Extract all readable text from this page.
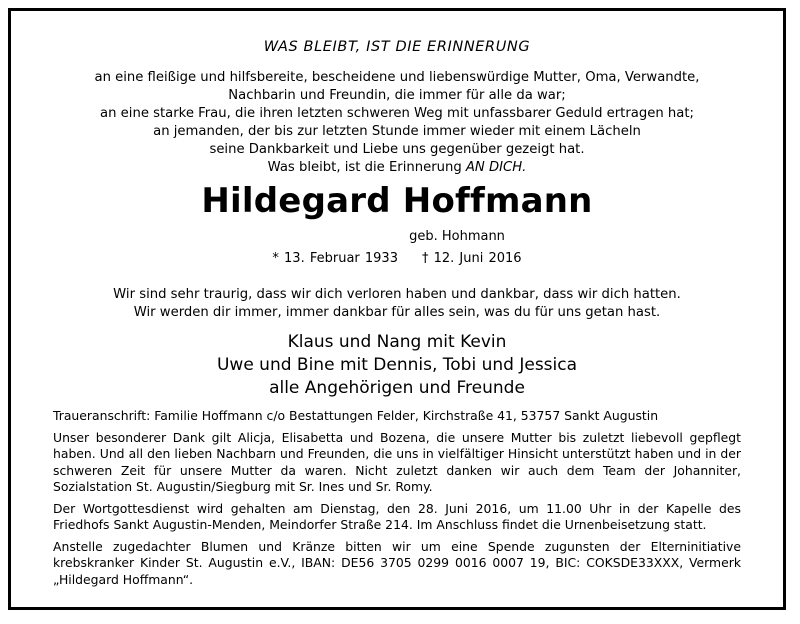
WAS BLEIBT, IST DIE ERINNERUNG
an eine fleißige und hilfsbereite, bescheidene und liebenswürdige Mutter, Oma, Verwandte,
Nachbarin und Freundin, die immer für alle da war;
an eine starke Frau, die ihren letzten schweren Weg mit unfassbarer Geduld ertragen hat;
an jemanden, der bis zur letzten Stunde immer wieder mit einem Lächeln
seine Dankbarkeit und Liebe uns gegenüber gezeigt hat.
Was bleibt, ist die Erinnerung AN DICH.
Hildegard Hoffmann
geb. Hohmann
* 13. Februar 1933 † 12. Juni 2016
Wir sind sehr traurig, dass wir dich verloren haben und dankbar, dass wir dich hatten.
Wir werden dir immer, immer dankbar für alles sein, was du für uns getan hast.
Klaus und Nang mit Kevin
Uwe und Bine mit Dennis, Tobi und Jessica
alle Angehörigen und Freunde

Traueranschrift: Familie Hoffmann c/o Bestattungen Felder, Kirchstraße 41, 53757 Sankt Augustin

Unser besonderer Dank gilt Alicja, Elisabetta und Bozena, die unsere Mutter bis zuletzt liebevoll gepflegt haben. Und all den lieben Nachbarn und Freunden, die uns in vielfältiger Hinsicht unterstützt haben und in der schweren Zeit für unsere Mutter da waren. Nicht zuletzt danken wir auch dem Team der Johanniter, Sozialstation St. Augustin/Siegburg mit Sr. Ines und Sr. Romy.

Der Wortgottesdienst wird gehalten am Dienstag, den 28. Juni 2016, um 11.00 Uhr in der Kapelle des Friedhofs Sankt Augustin-Menden, Meindorfer Straße 214. Im Anschluss findet die Urnenbeisetzung statt.

Anstelle zugedachter Blumen und Kränze bitten wir um eine Spende zugunsten der Elterninitiative krebskranker Kinder St. Augustin e.V., IBAN: DE56 3705 0299 0016 0007 19, BIC: COKSDE33XXX, Vermerk „Hildegard Hoffmann“.
